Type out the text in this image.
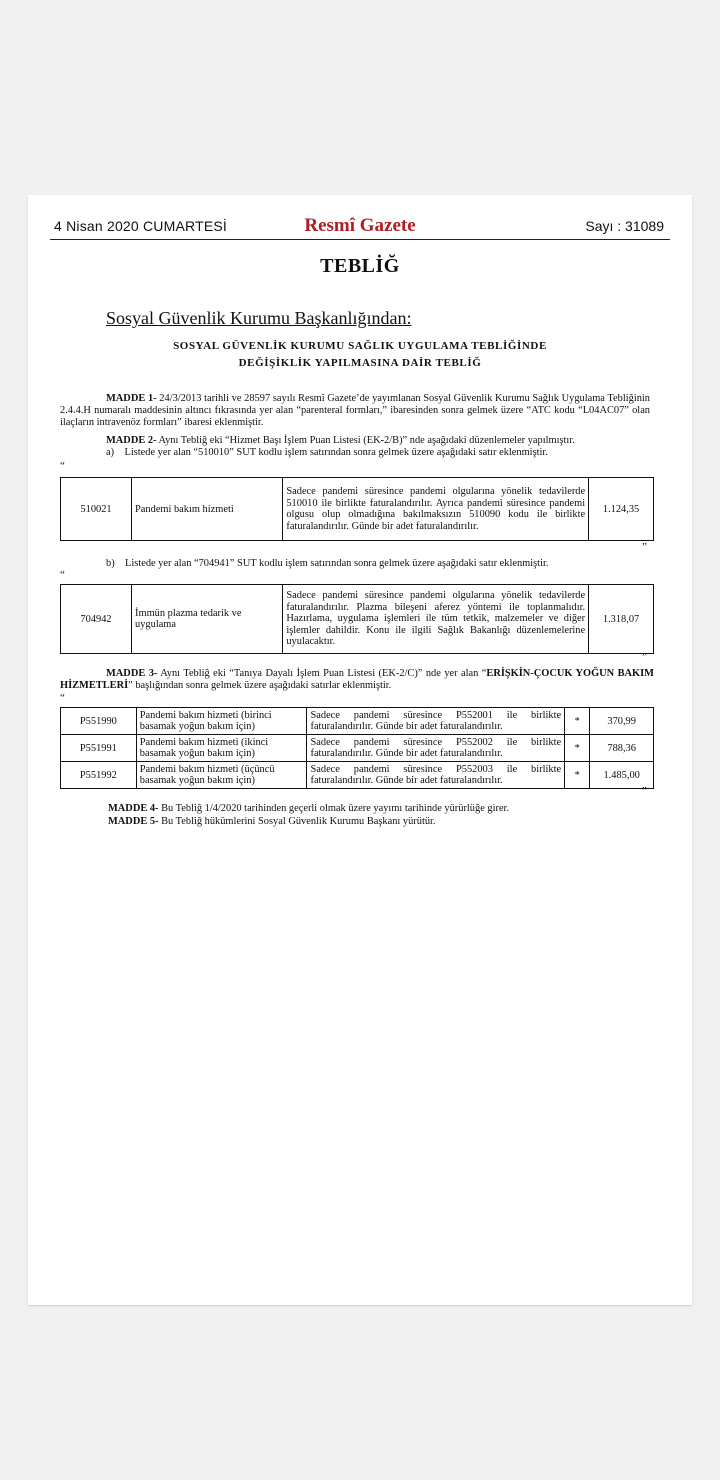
4 Nisan 2020 CUMARTESİ	Resmî Gazete	Sayı : 31089
TEBLİĞ
Sosyal Güvenlik Kurumu Başkanlığından:
SOSYAL GÜVENLİK KURUMU SAĞLIK UYGULAMA TEBLİĞİNDE
DEĞİŞİKLİK YAPILMASINA DAİR TEBLİĞ
MADDE 1- 24/3/2013 tarihli ve 28597 sayılı Resmî Gazete’de yayımlanan Sosyal Güvenlik Kurumu Sağlık Uygulama Tebliğinin 2.4.4.H numaralı maddesinin altıncı fıkrasında yer alan “parenteral formları,” ibaresinden sonra gelmek üzere “ATC kodu “L04AC07” olan ilaçların intravenöz formları” ibaresi eklenmiştir.
MADDE 2- Aynı Tebliğ eki “Hizmet Başı İşlem Puan Listesi (EK-2/B)” nde aşağıdaki düzenlemeler yapılmıştır.
a) Listede yer alan “510010” SUT kodlu işlem satırından sonra gelmek üzere aşağıdaki satır eklenmiştir.
“
510021	Pandemi bakım hizmeti	Sadece pandemi süresince pandemi olgularına yönelik tedavilerde 510010 ile birlikte faturalandırılır. Ayrıca pandemi süresince pandemi olgusu olup olmadığına bakılmaksızın 510090 kodu ile birlikte faturalandırılır. Günde bir adet faturalandırılır.	1.124,35
”
b) Listede yer alan “704941” SUT kodlu işlem satırından sonra gelmek üzere aşağıdaki satır eklenmiştir.
“
704942	İmmün plazma tedarik ve uygulama	Sadece pandemi süresince pandemi olgularına yönelik tedavilerde faturalandırılır. Plazma bileşeni aferez yöntemi ile toplanmalıdır. Hazırlama, uygulama işlemleri ile tüm tetkik, malzemeler ve diğer işlemler dahildir. Konu ile ilgili Sağlık Bakanlığı düzenlemelerine uyulacaktır.	1.318,07
”
MADDE 3- Aynı Tebliğ eki “Tanıya Dayalı İşlem Puan Listesi (EK-2/C)” nde yer alan “ERİŞKİN-ÇOCUK YOĞUN BAKIM HİZMETLERİ” başlığından sonra gelmek üzere aşağıdaki satırlar eklenmiştir.
“
P551990	Pandemi bakım hizmeti (birinci basamak yoğun bakım için)	Sadece pandemi süresince P552001 ile birlikte faturalandırılır. Günde bir adet faturalandırılır.	*	370,99
P551991	Pandemi bakım hizmeti (ikinci basamak yoğun bakım için)	Sadece pandemi süresince P552002 ile birlikte faturalandırılır. Günde bir adet faturalandırılır.	*	788,36
P551992	Pandemi bakım hizmeti (üçüncü basamak yoğun bakım için)	Sadece pandemi süresince P552003 ile birlikte faturalandırılır. Günde bir adet faturalandırılır.	*	1.485,00
”
MADDE 4- Bu Tebliğ 1/4/2020 tarihinden geçerli olmak üzere yayımı tarihinde yürürlüğe girer.
MADDE 5- Bu Tebliğ hükümlerini Sosyal Güvenlik Kurumu Başkanı yürütür.
